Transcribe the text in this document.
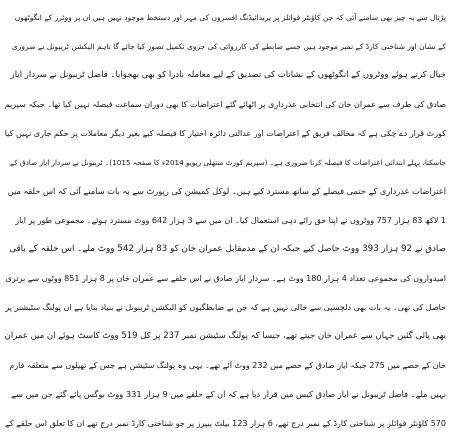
پڑتال سے یہ چیز بھی سامنے آئی کہ جن کاؤنٹر فوائلز پر پریذائیڈنگ افسروں کی مہر اور دستخط موجود نہیں ہیں ان پر ووٹرز کے انگوٹھوں
کے نشان اور شناختی کارڈ کے نمبر موجود ہیں جسے ضابطے کی کارروائی کی جزوی تکمیل تصور کیا جائے گا تاہم الیکشن ٹریبونل نے ضروری
خیال کرتے ہوئے ووٹروں کے انگوٹھوں کے نشانات کی تصدیق کے لیے معاملہ نادرا کو بھی بھجوایا۔ فاضل ٹریبونل نے سردار ایاز
صادق کی طرف سے عمران خان کی انتخابی عذرداری پر اٹھائے گئے اعتراضات کا بھی دوران سماعت فیصلہ نہیں کیا تھا۔ جبکہ سپریم
کورٹ قرار دے چکی ہے کہ مخالف فریق کے اعتراضات اور عدالتی دائرہ اختیار کا فیصلہ کیے بغیر دیگر معاملات پر حکم جاری نہیں کیا
جاسکتا، پہلے ابتدائی اعتراضات کا فیصلہ کرنا ضروری ہے۔ (سپریم کورٹ منتھلی ریویو 2014ء کا صفحہ 1015)۔ ٹریبونل نے سردار ایاز صادق کے
اعتراضات عذرداری کے حتمی فیصلے کے ساتھ مسترد کیے ہیں۔ لوکل کمیشن کی رپورٹ سے یہ بات سامنے آئی کہ اس حلقہ میں
1 لاکھ 83 ہزار 757 ووٹروں نے اپنا حق رائے دہی استعمال کیا۔ ان میں سے 3 ہزار 642 ووٹ مسترد ہوئے۔ مجموعی طور پر ایاز
صادق نے 92 ہزار 393 ووٹ حاصل کیے جبکہ ان کے مدمقابل عمران خان کو 83 ہزار 542 ووٹ ملے۔ اس حلقہ کے باقی
امیدواروں کی مجموعی تعداد 4 ہزار 180 ووٹ ہے۔ سردار ایاز صادق نے اس حلقے سے عمران خان پر 8 ہزار 851 ووٹوں سے برتری
حاصل کی تھی۔ یہ بات بھی دلچسپی سے خالی نہیں ہے کہ جن بے ضابطگیوں کو الیکشن ٹریبونل نے بنیاد بنایا ہے ان پولنگ سٹیشنز پر
بھی پائی گئیں جہاں سے عمران خان جیتے تھے، جیسا کہ پولنگ سٹیشن نمبر 237 پر کل 519 ووٹ کاسٹ ہوئے ان میں عمران
خان کے حصے میں 275 جبکہ ایاز صادق کے حصے میں 232 ووٹ آئے تھے۔ یہی وہ پولنگ سٹیشن ہے جس کے تھیلوں سے متعلقہ فارم
نہیں ملے۔ فاضل ٹریبونل نے ایاز صادق کیس میں قرار دیا ہے کہ ان کے حلقے میں 9 ہزار 331 ووٹ بوگس پائے گئے جن میں سے
570 کاؤنٹر فوائلز پر شناختی کارڈ کے نمبر درج تھے، 6 ہزار 123 بیلٹ پیپرز پر جو شناختی کارڈ نمبر درج تھے ان کا تعلق اس حلقے کے
